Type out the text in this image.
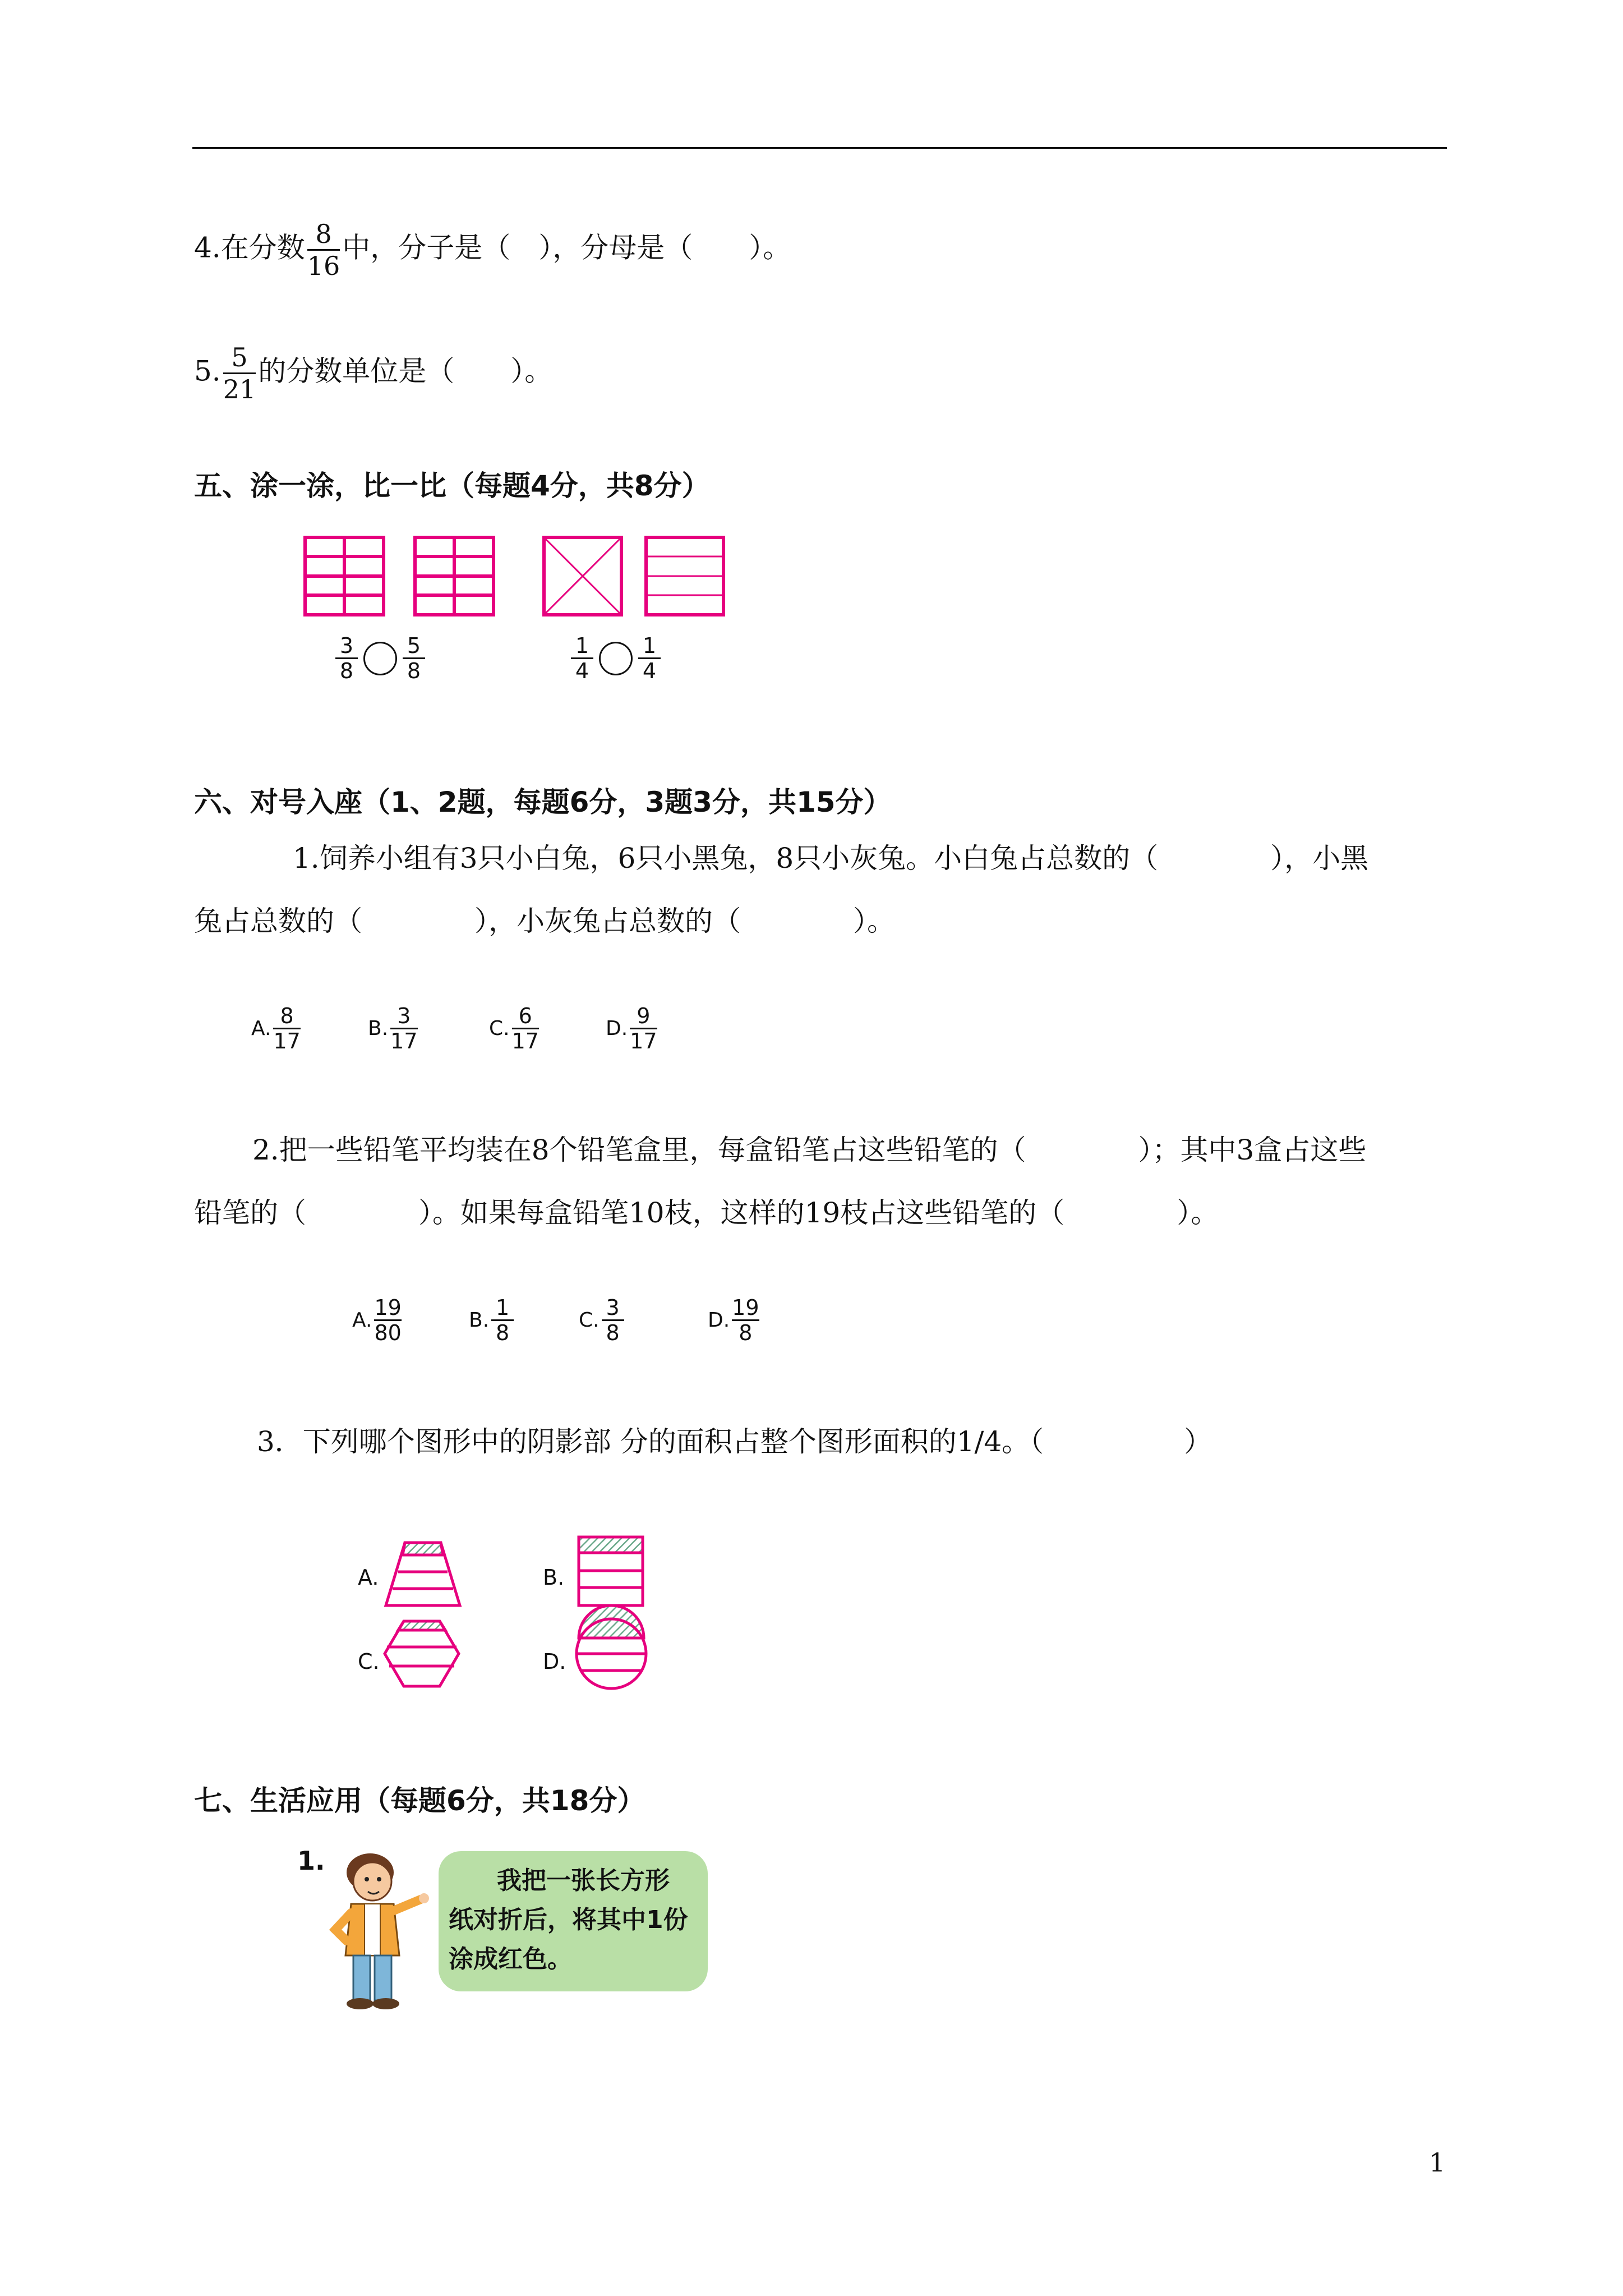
4.在分数 $\frac{8}{16}$ 中，分子是（　），分母是（　　）。
5. $\frac{5}{21}$ 的分数单位是（　　）。
五、涂一涂，比一比（每题4分，共8分）
3
8
5
8
1
4
1
4
六、对号入座（1、2题，每题6分，3题3分，共15分）
1.饲养小组有3只小白兔，6只小黑兔，8只小灰兔。小白兔占总数的（　　　　），小黑
兔占总数的（　　　　），小灰兔占总数的（　　　　）。
A.
8
17
B.
3
17
C.
6
17
D.
9
17
2.把一些铅笔平均装在8个铅笔盒里，每盒铅笔占这些铅笔的（　　　　）；其中3盒占这些
铅笔的（　　　　）。如果每盒铅笔10枝，这样的19枝占这些铅笔的（　　　　）。
A.
19
80
B.
1
8
C.
3
8
D.
19
8
3．下列哪个图形中的阴影部 分的面积占整个图形面积的1/4。（　　　　　）
A.	B.
C.	D.
七、生活应用（每题6分，共18分）
1.
我把一张长方形
纸对折后，将其中1份
涂成红色。
1
